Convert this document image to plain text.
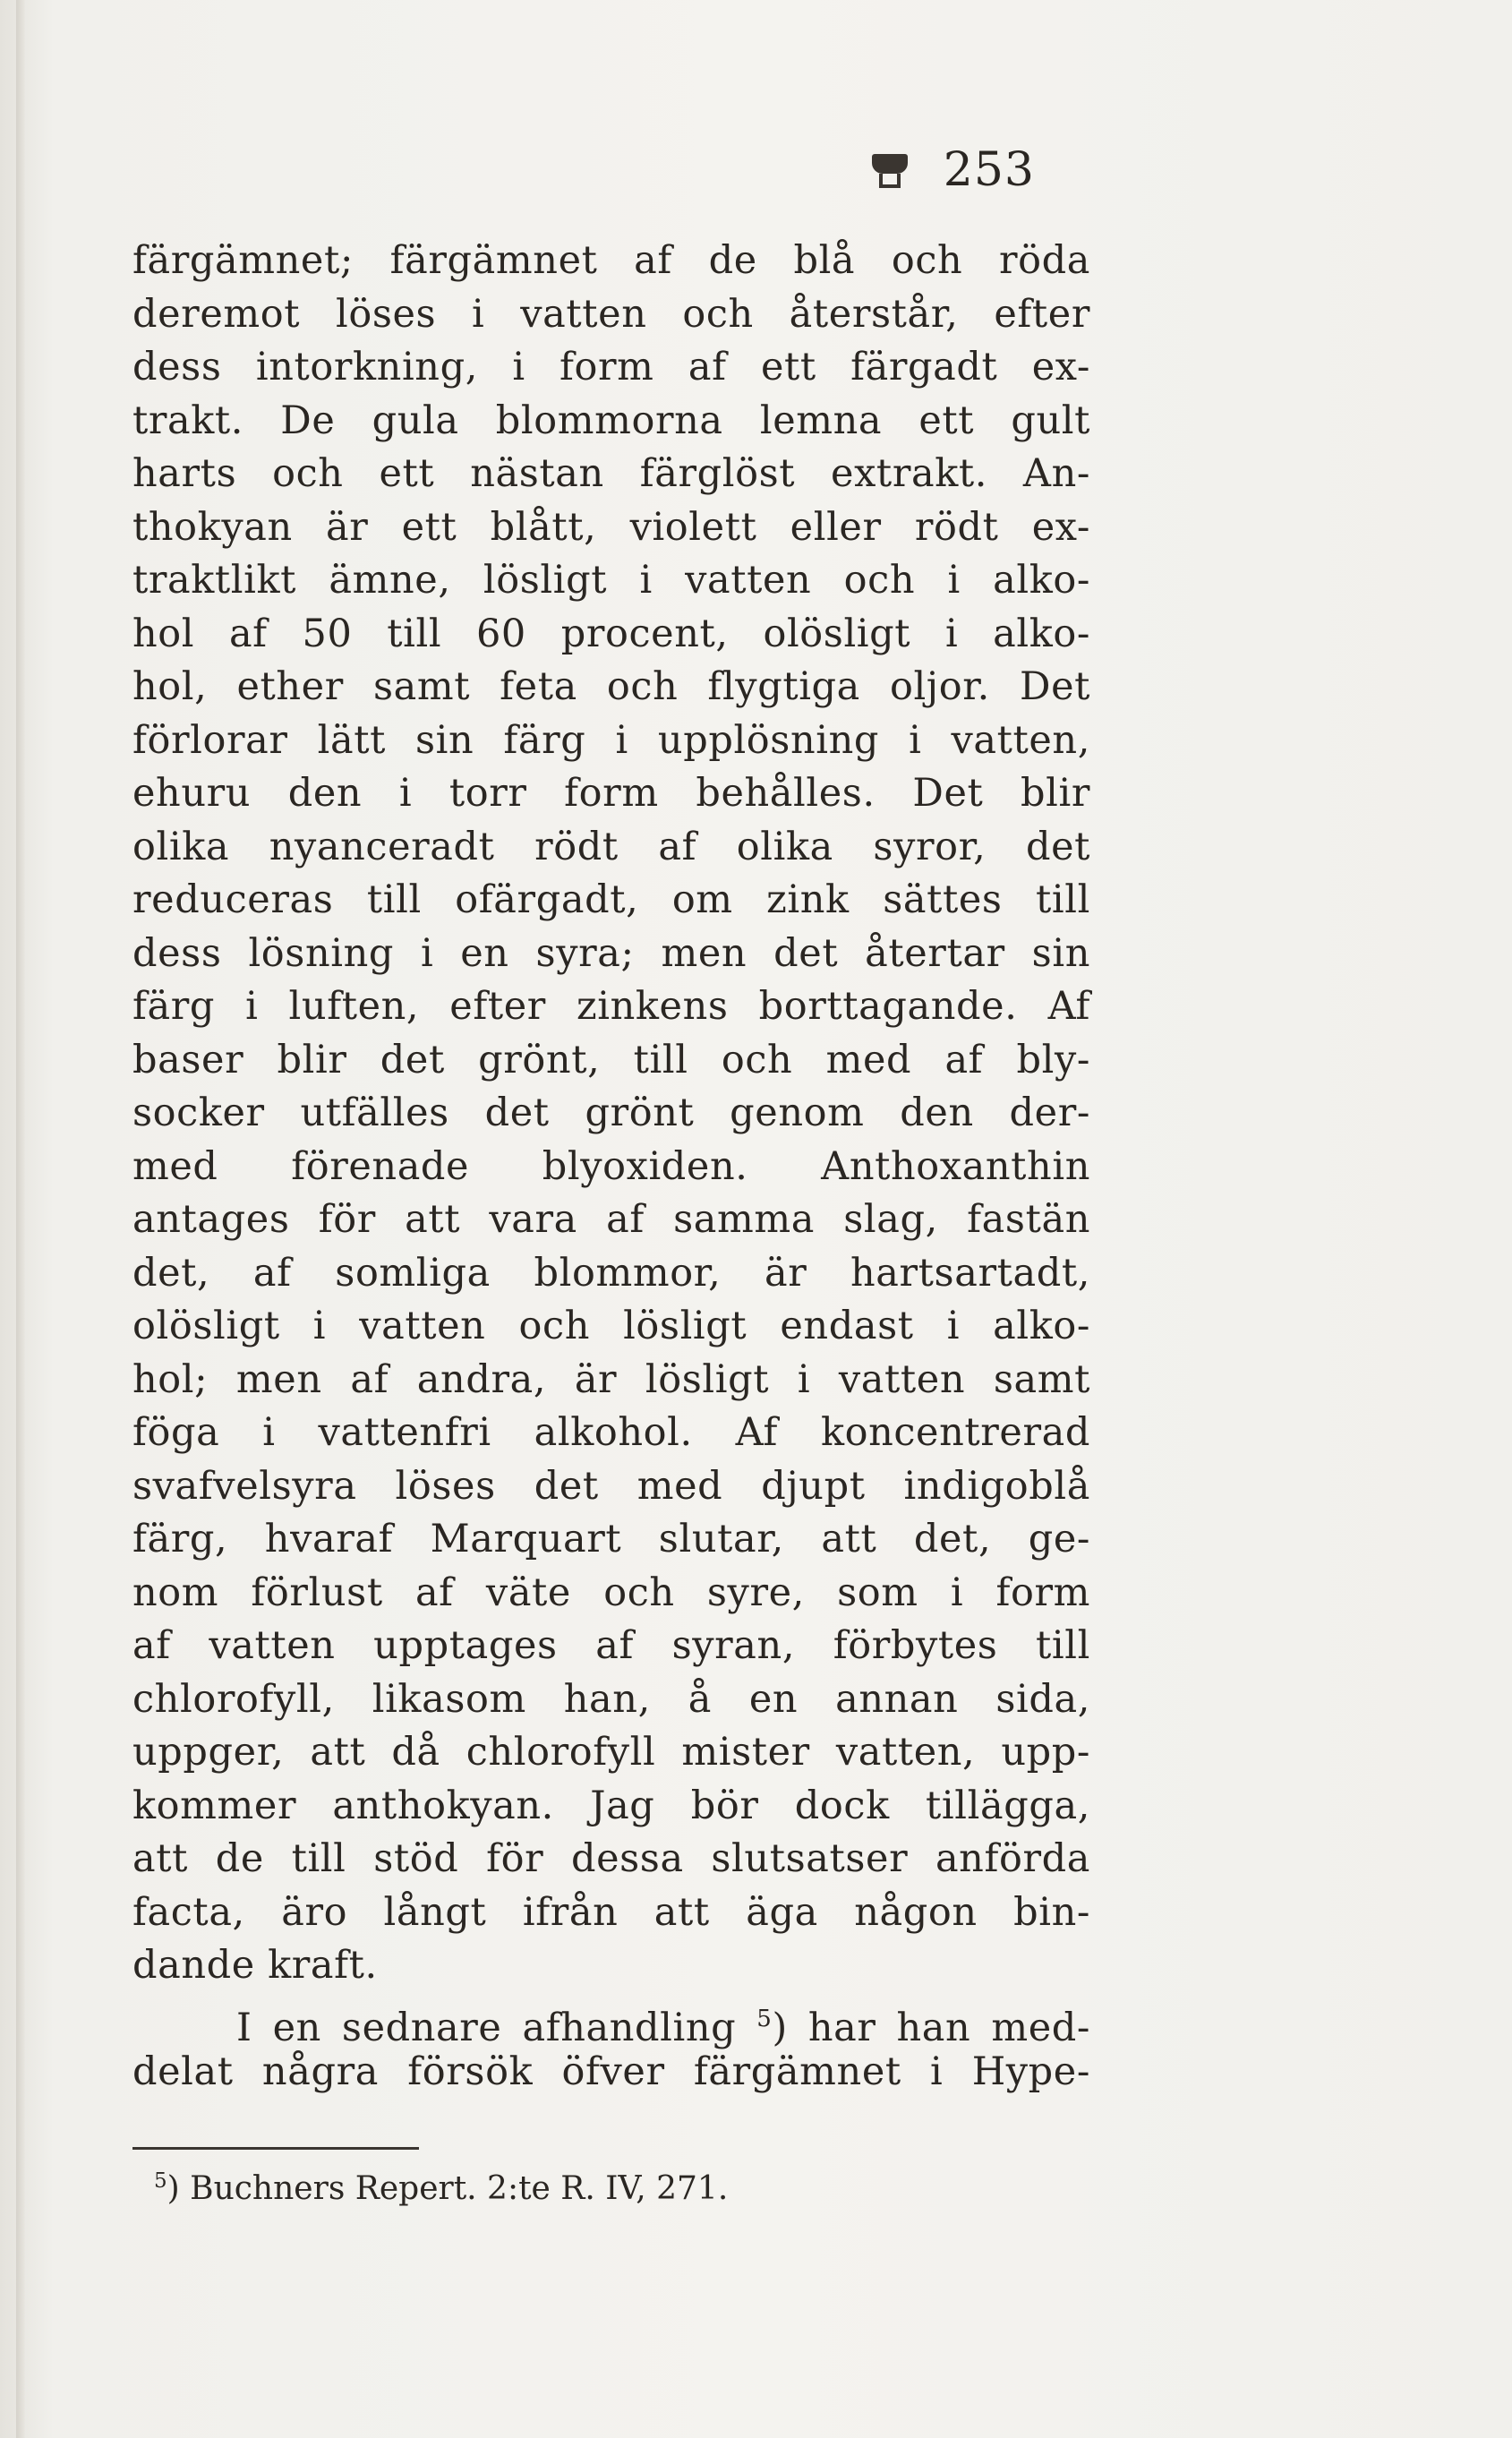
253
färgämnet; färgämnet af de blå och röda
deremot löses i vatten och återstår, efter
dess intorkning, i form af ett färgadt ex-
trakt. De gula blommorna lemna ett gult
harts och ett nästan färglöst extrakt. An-
thokyan är ett blått, violett eller rödt ex-
traktlikt ämne, lösligt i vatten och i alko-
hol af 50 till 60 procent, olösligt i alko-
hol, ether samt feta och flygtiga oljor. Det
förlorar lätt sin färg i upplösning i vatten,
ehuru den i torr form behålles. Det blir
olika nyanceradt rödt af olika syror, det
reduceras till ofärgadt, om zink sättes till
dess lösning i en syra; men det återtar sin
färg i luften, efter zinkens borttagande. Af
baser blir det grönt, till och med af bly-
socker utfälles det grönt genom den der-
med förenade blyoxiden. Anthoxanthin
antages för att vara af samma slag, fastän
det, af somliga blommor, är hartsartadt,
olösligt i vatten och lösligt endast i alko-
hol; men af andra, är lösligt i vatten samt
föga i vattenfri alkohol. Af koncentrerad
svafvelsyra löses det med djupt indigoblå
färg, hvaraf Marquart slutar, att det, ge-
nom förlust af väte och syre, som i form
af vatten upptages af syran, förbytes till
chlorofyll, likasom han, å en annan sida,
uppger, att då chlorofyll mister vatten, upp-
kommer anthokyan. Jag bör dock tillägga,
att de till stöd för dessa slutsatser anförda
facta, äro långt ifrån att äga någon bin-
dande kraft.
I en sednare afhandling $^5$) har han med-
delat några försök öfver färgämnet i Hype-
$^5$) Buchners Repert. 2:te R. IV, 271.
